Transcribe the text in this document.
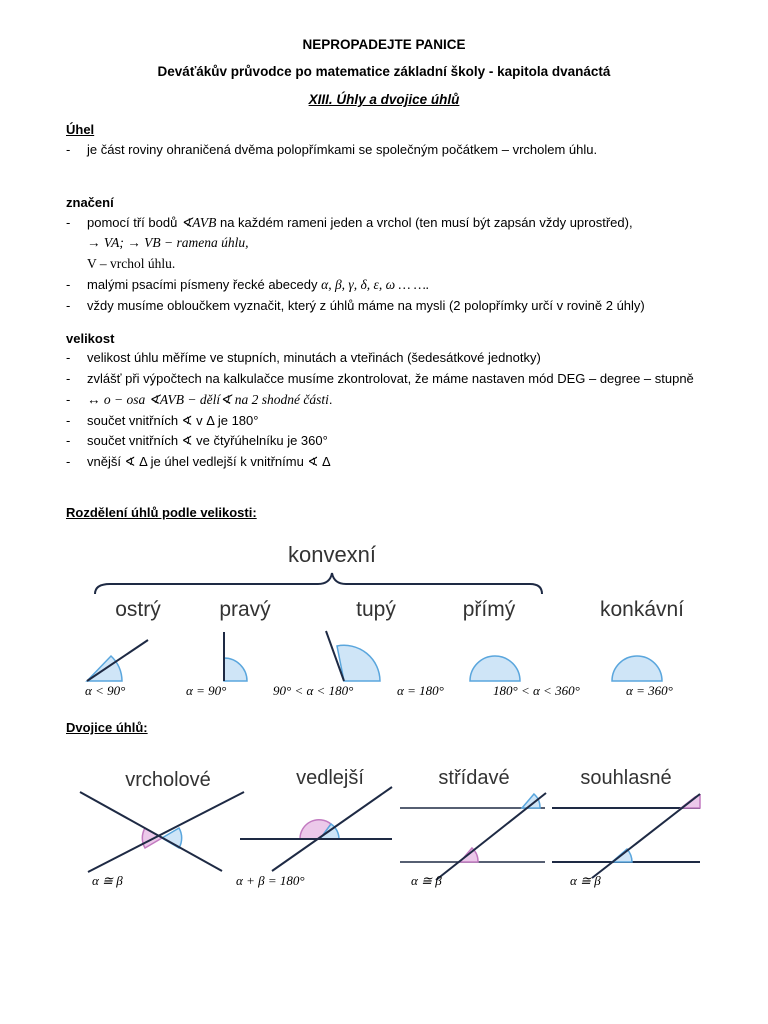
NEPROPADEJTE PANICE
Deváťákův průvodce po matematice základní školy - kapitola dvanáctá
XIII. Úhly a dvojice úhlů
Úhel
- je část roviny ohraničená dvěma polopřímkami se společným počátkem – vrcholem úhlu.
značení
- pomocí tří bodů ∢AVB na každém rameni jeden a vrchol (ten musí být zapsán vždy uprostřed),
→ VA; → VB − ramena úhlu,
V – vrchol úhlu.
- malými psacími písmeny řecké abecedy α, β, γ, δ, ε, ω … ….
- vždy musíme obloučkem vyznačit, který z úhlů máme na mysli (2 polopřímky určí v rovině 2 úhly)
velikost
- velikost úhlu měříme ve stupních, minutách a vteřinách (šedesátkové jednotky)
- zvlášť při výpočtech na kalkulačce musíme zkontrolovat, že máme nastaven mód DEG – degree – stupně
- ↔ o − osa ∢AVB − dělí∢ na 2 shodné části.
- součet vnitřních ∢ v Δ je 180°
- součet vnitřních ∢ ve čtyřúhelníku je 360°
- vnější ∢ Δ je úhel vedlejší k vnitřnímu ∢ Δ
Rozdělení úhlů podle velikosti:
konvexní
ostrý	pravý	tupý	přímý	konkávní
α < 90°	α = 90°	90° < α < 180°	α = 180°	180° < α < 360°	α = 360°
vrcholové	vedlejší	střídavé	souhlasné
α ≅ β	α + β = 180°	α ≅ β	α ≅ β
Dvojice úhlů:
